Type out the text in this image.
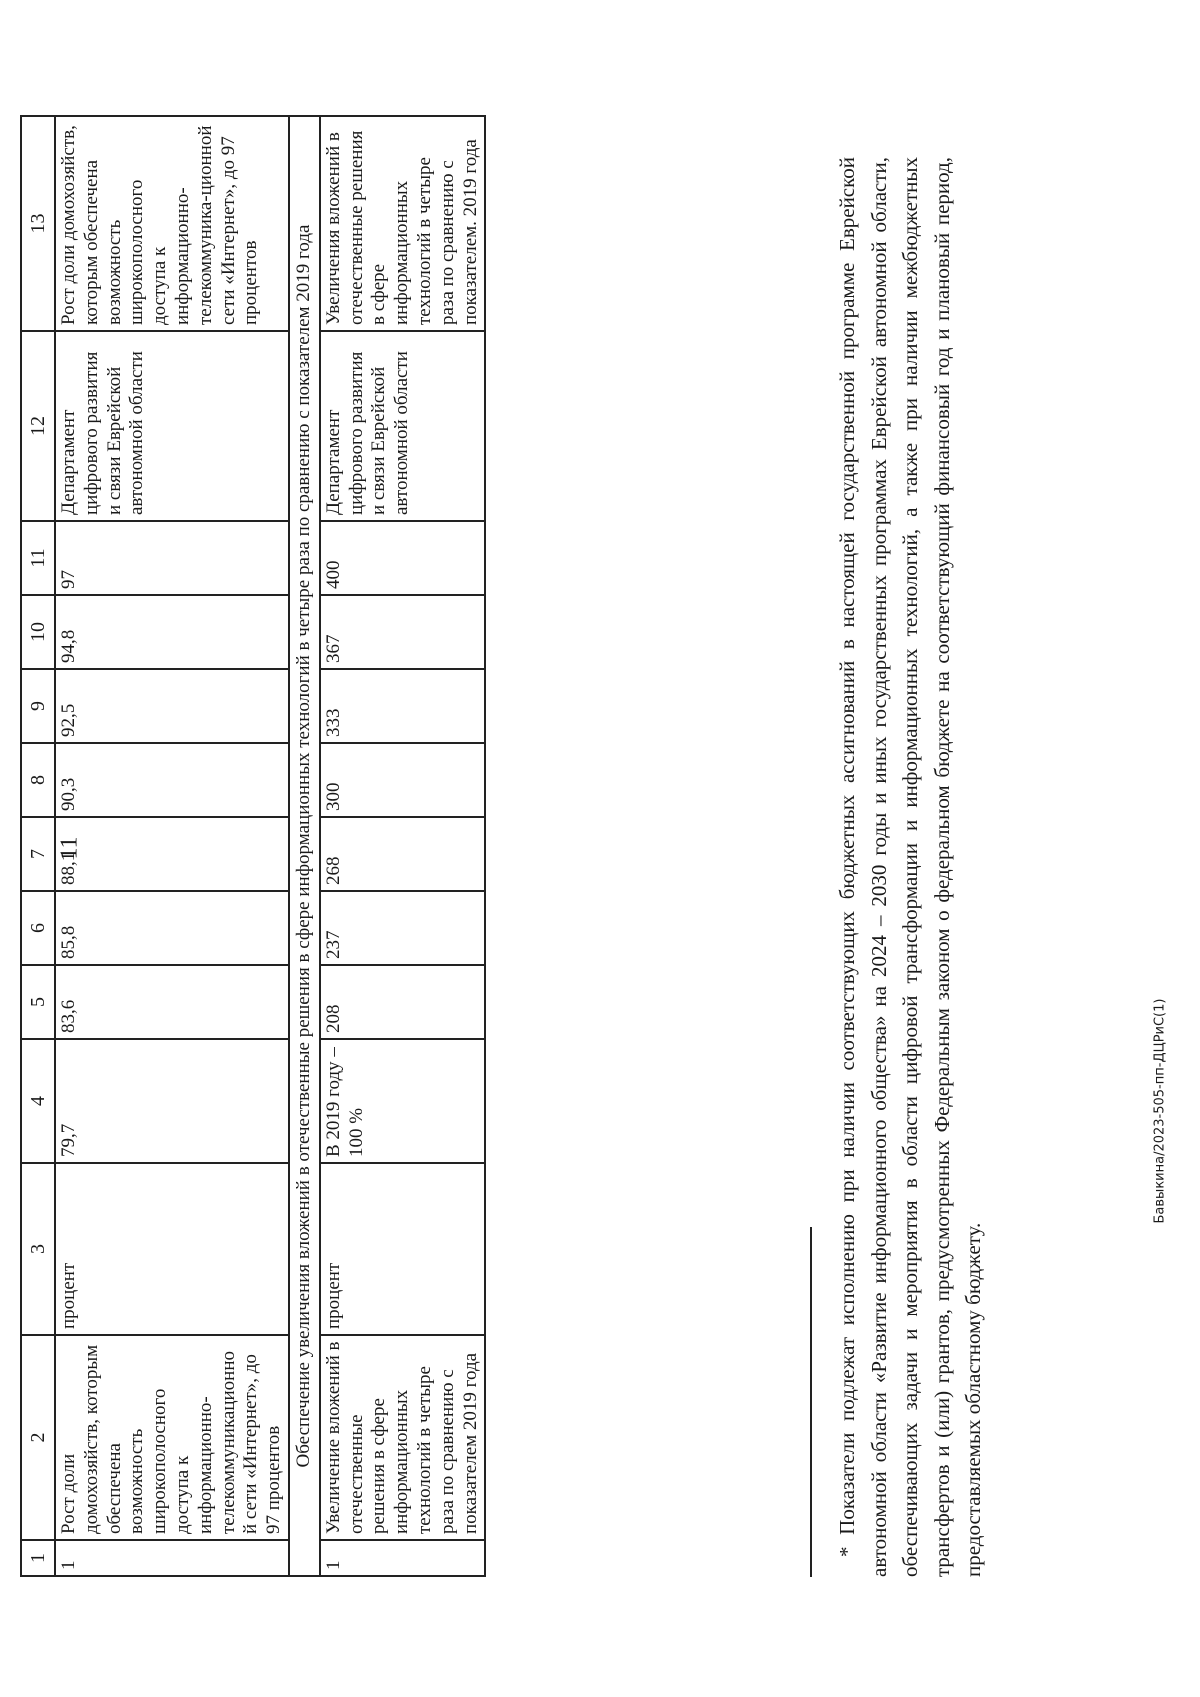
11
1	2	3	4	5	6	7	8	9	10	11	12	13
1	Рост доли домохозяйств, которым обеспечена возможность широкополосного доступа к информационно-телекоммуникационной сети «Интернет», до 97 процентов	процент	79,7	83,6	85,8	88,1	90,3	92,5	94,8	97	Департамент цифрового развития и связи Еврейской автономной области	Рост доли домохозяйств, которым обеспечена возможность широкополосного доступа к информационно-телекоммуника-ционной сети «Интернет», до 97 процентов
Обеспечение увеличения вложений в отечественные решения в сфере информационных технологий в четыре раза по сравнению с показателем 2019 года												
1	Увеличение вложений в отечественные решения в сфере информационных технологий в четыре раза по сравнению с показателем 2019 года	процент	В 2019 году – 100 %	208	237	268	300	333	367	400	Департамент цифрового развития и связи Еврейской автономной области	Увеличения вложений в отечественные решения в сфере информационных технологий в четыре раза по сравнению с показателем. 2019 года	* Показатели подлежат исполнению при наличии соответствующих бюджетных ассигнований в настоящей государственной программе Еврейской автономной области «Развитие информационного общества» на 2024 – 2030 годы и иных государственных программах Еврейской автономной области, обеспечивающих задачи и мероприятия в области цифровой трансформации и информационных технологий, а также при наличии межбюджетных трансфертов и (или) грантов, предусмотренных Федеральным законом о федеральном бюджете на соответствующий финансовый год и плановый период, предоставляемых областному бюджету.
Бавыкина/2023-505-пп-ДЦРиС(1)
